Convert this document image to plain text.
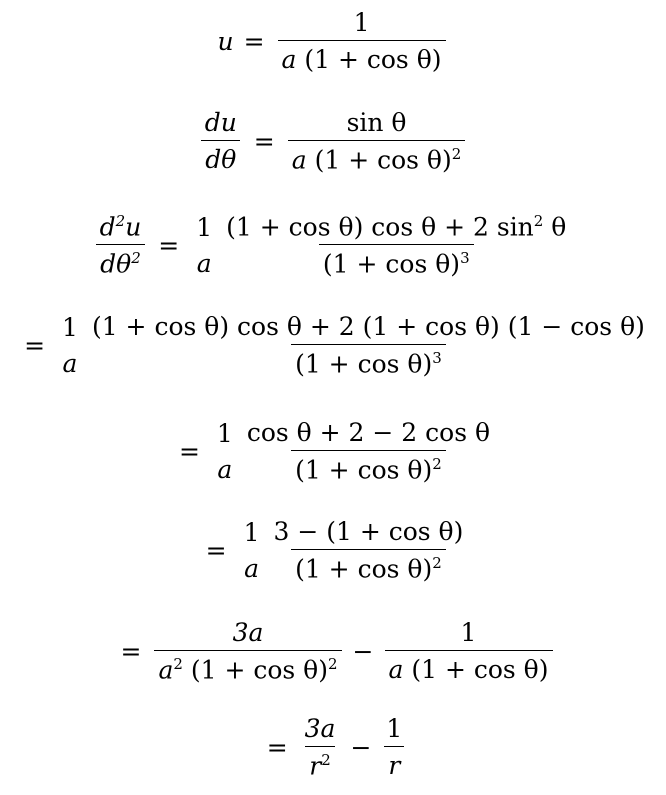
$u = \frac{1}{\text{a (1 + cos θ)}}$
$\frac{du}{d\theta} = \frac{\text{sin θ}}{a (1 + \cos \theta)^2}$
$\frac{d^2u}{d\theta^2}$ =
1
a $\frac{(1 + \cos \theta) \cos \theta + 2 \sin^2 \theta}{(1 + \cos \theta)^3}$
=
1
a $\frac{\text{(1 + cos θ) cos θ + 2 (1 + cos θ) (1 − cos θ)}}{(1 + \cos \theta)^3}$
=
1
a $\frac{\text{cos θ + 2 − 2 cos θ}}{(1 + \cos \theta)^2}$
=
1
a $\frac{\text{3 − (1 + cos θ)}}{(1 + \cos \theta)^2}$
= $\frac{3a}{a^2 (1 + \cos \theta)^2} - \frac{1}{\text{a (1 + cos θ)}}$
= $\frac{3a}{r^2} - \frac{1}{r}$
